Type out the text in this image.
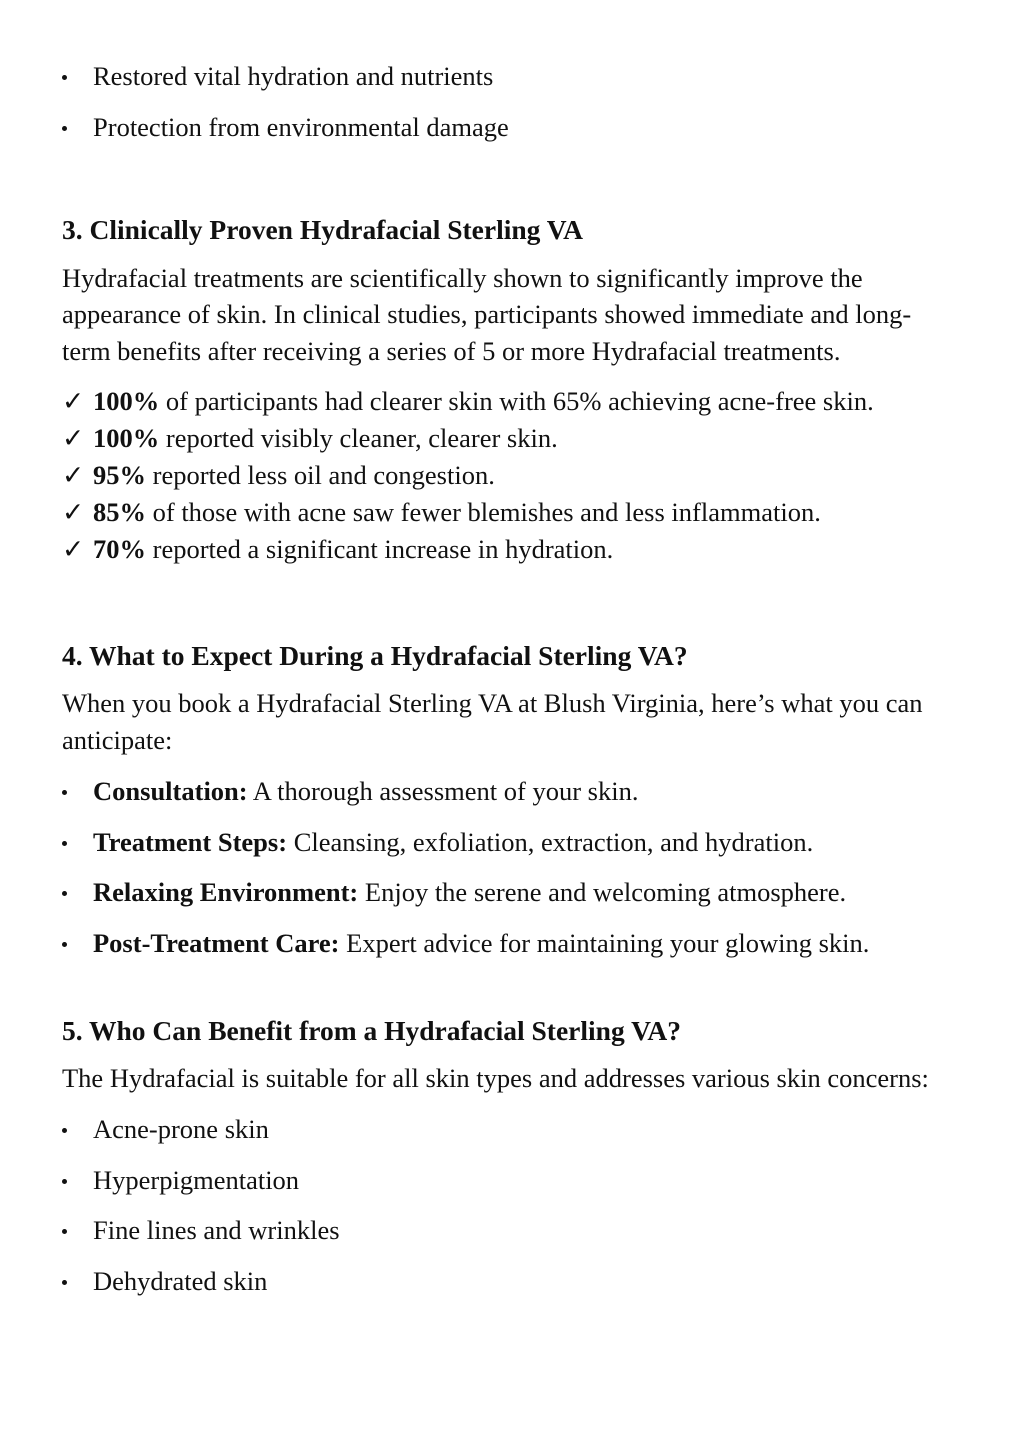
Restored vital hydration and nutrients
Protection from environmental damage
3. Clinically Proven Hydrafacial Sterling VA

Hydrafacial treatments are scientifically shown to significantly improve the appearance of skin. In clinical studies, participants showed immediate and long-term benefits after receiving a series of 5 or more Hydrafacial treatments.

✓ 100% of participants had clearer skin with 65% achieving acne-free skin.
✓ 100% reported visibly cleaner, clearer skin.
✓ 95% reported less oil and congestion.
✓ 85% of those with acne saw fewer blemishes and less inflammation.
✓ 70% reported a significant increase in hydration.
4. What to Expect During a Hydrafacial Sterling VA?

When you book a Hydrafacial Sterling VA at Blush Virginia, here’s what you can anticipate:

Consultation: A thorough assessment of your skin.
Treatment Steps: Cleansing, exfoliation, extraction, and hydration.
Relaxing Environment: Enjoy the serene and welcoming atmosphere.
Post-Treatment Care: Expert advice for maintaining your glowing skin.
5. Who Can Benefit from a Hydrafacial Sterling VA?

The Hydrafacial is suitable for all skin types and addresses various skin concerns:

Acne-prone skin
Hyperpigmentation
Fine lines and wrinkles
Dehydrated skin
